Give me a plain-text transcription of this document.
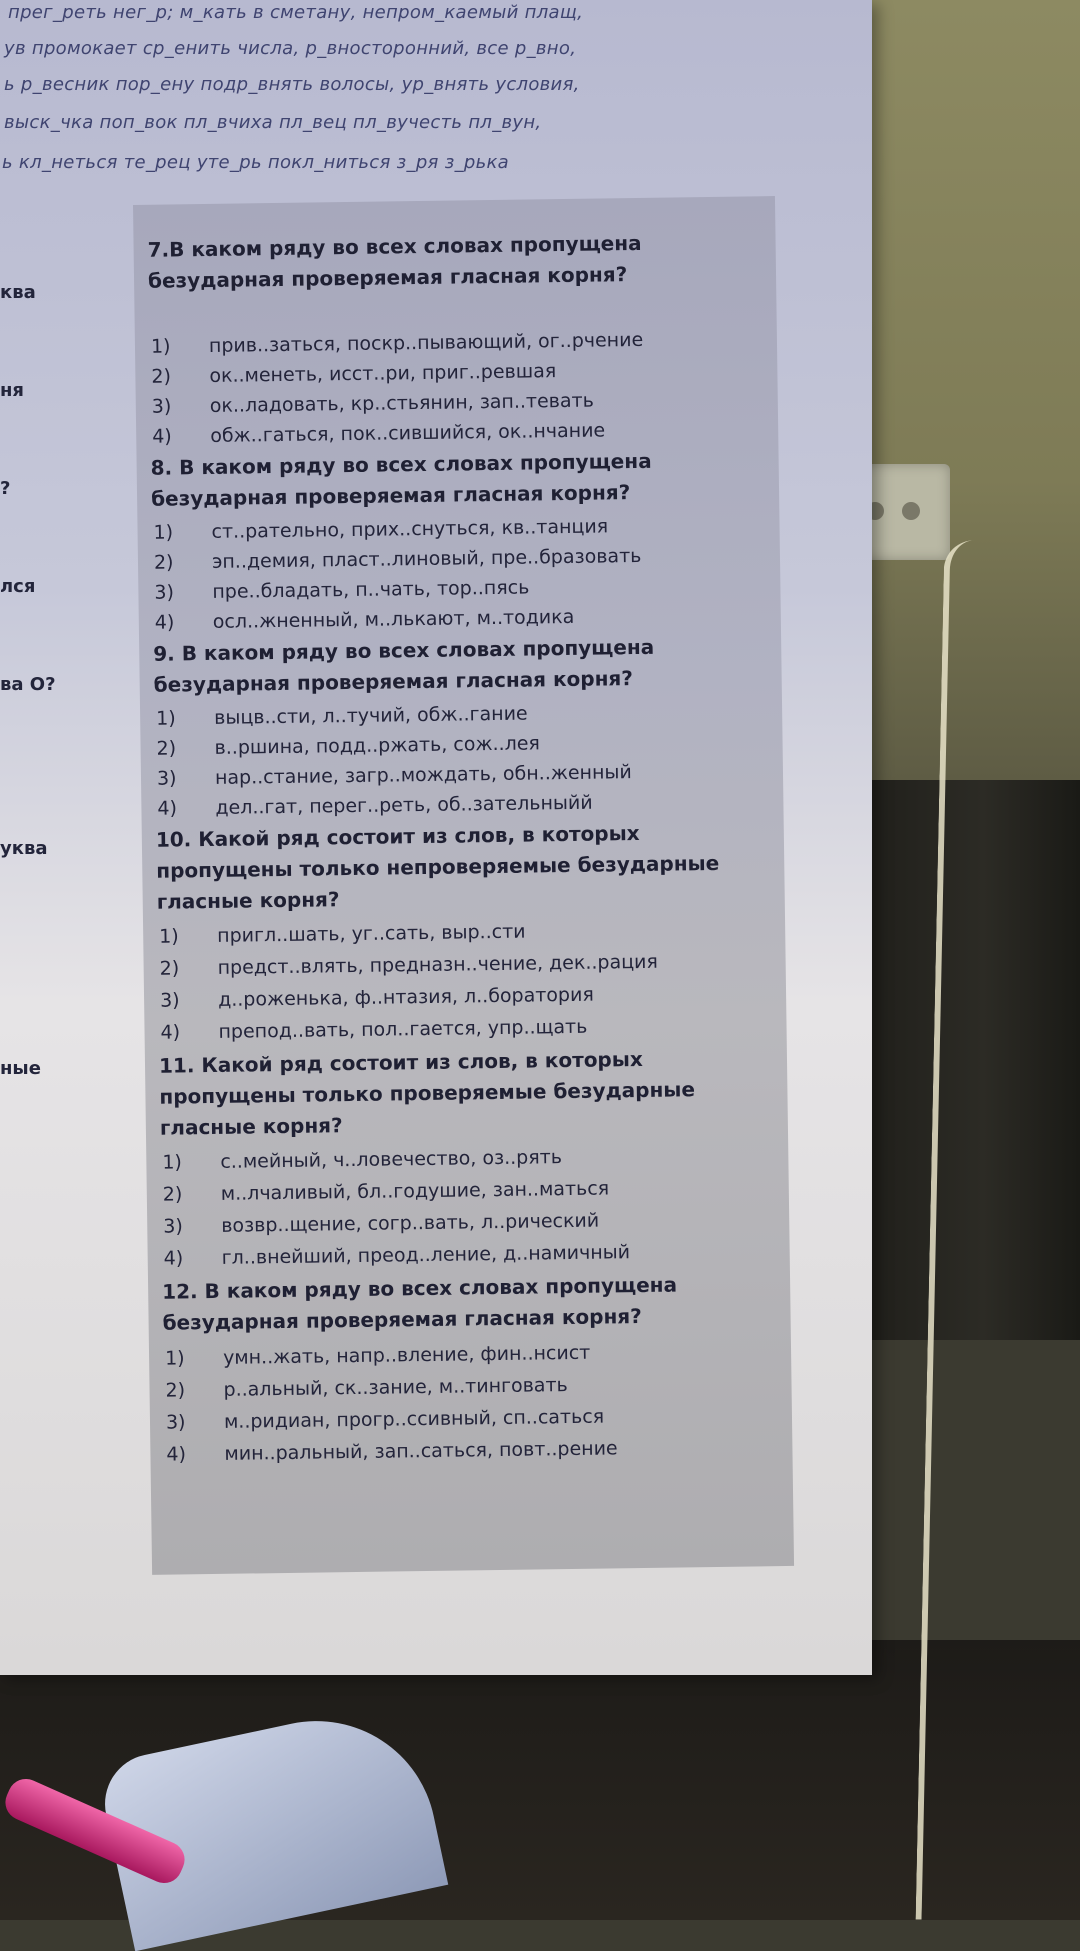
прег_реть нег_р; м_кать в сметану, непром_каемый плащ,
ув промокает ср_енить числа, р_вносторонний, все р_вно,
ь р_весник пор_ену подр_внять волосы, ур_внять условия,
выск_чка поп_вок пл_вчиха пл_вец пл_вучесть пл_вун,
ь кл_неться те_рец уте_рь покл_ниться з_ря з_рька
ква
ня
?
лся
ва О?
уква
ные
7.В каком ряду во всех словах пропущена безударная проверяемая гласная корня?
1) прив..заться, поскр..пывающий, ог..рчение
2) ок..менеть, исст..ри, приг..ревшая
3) ок..ладовать, кр..стьянин, зап..тевать
4) обж..гаться, пок..сившийся, ок..нчание
8. В каком ряду во всех словах пропущена безударная проверяемая гласная корня?
1) ст..рательно, прих..снуться, кв..танция
2) эп..демия, пласт..линовый, пре..бразовать
3) пре..бладать, п..чать, тор..пясь
4) осл..жненный, м..лькают, м..тодика
9. В каком ряду во всех словах пропущена безударная проверяемая гласная корня?
1) выцв..сти, л..тучий, обж..гание
2) в..ршина, подд..ржать, сож..лея
3) нар..стание, загр..мождать, обн..женный
4) дел..гат, перег..реть, об..зательныйй
10. Какой ряд состоит из слов, в которых пропущены только непроверяемые безударные гласные корня?
1) пригл..шать, уг..сать, выр..сти
2) предст..влять, предназн..чение, дек..рация
3) д..роженька, ф..нтазия, л..боратория
4) препод..вать, пол..гается, упр..щать
11. Какой ряд состоит из слов, в которых пропущены только проверяемые безударные гласные корня?
1) с..мейный, ч..ловечество, оз..рять
2) м..лчаливый, бл..годушие, зан..маться
3) возвр..щение, согр..вать, л..рический
4) гл..внейший, преод..ление, д..намичный
12. В каком ряду во всех словах пропущена безударная проверяемая гласная корня?
1) умн..жать, напр..вление, фин..нсист
2) р..альный, ск..зание, м..тинговать
3) м..ридиан, прогр..ссивный, сп..саться
4) мин..ральный, зап..саться, повт..рение
